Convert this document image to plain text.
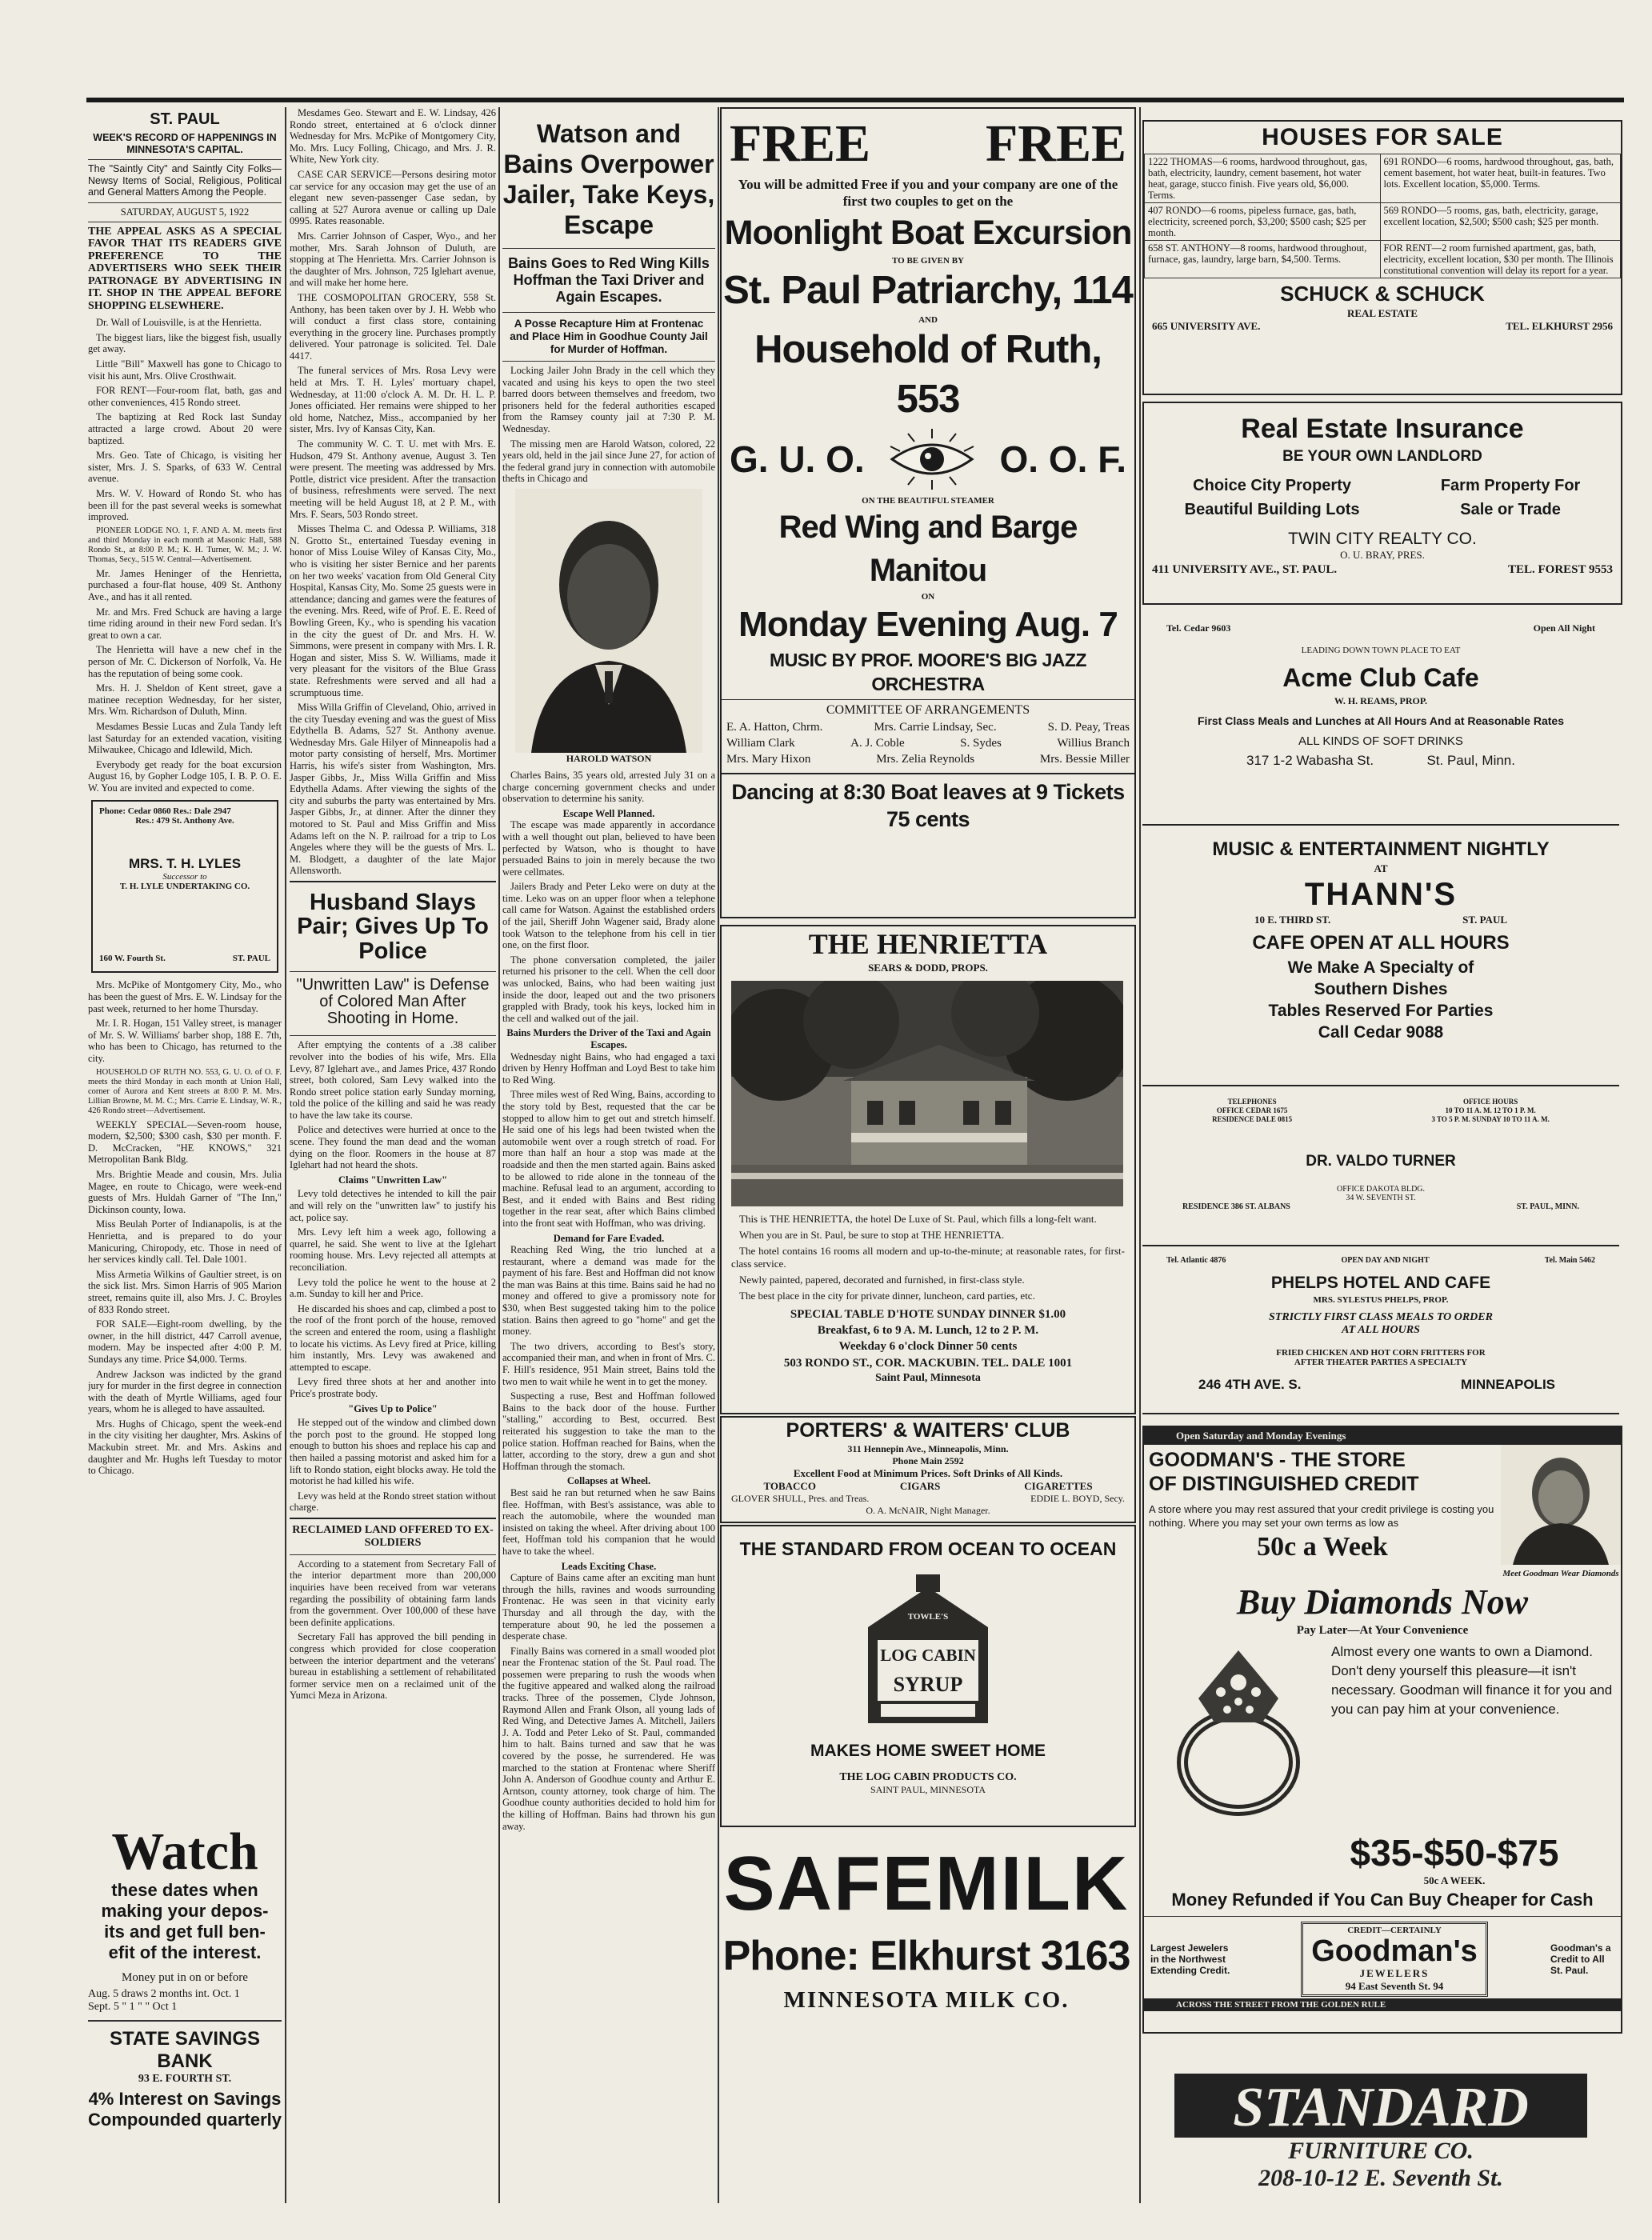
ST. PAUL
WEEK'S RECORD OF HAPPENINGS IN MINNESOTA'S CAPITAL.
The "Saintly City" and Saintly City Folks—Newsy Items of Social, Religious, Political and General Matters Among the People.
SATURDAY, AUGUST 5, 1922
THE APPEAL ASKS AS A SPECIAL FAVOR THAT ITS READERS GIVE PREFERENCE TO THE ADVERTISERS WHO SEEK THEIR PATRONAGE BY ADVERTISING IN IT. SHOP IN THE APPEAL BEFORE SHOPPING ELSEWHERE.

Dr. Wall of Louisville, is at the Henrietta.

The biggest liars, like the biggest fish, usually get away.

Little "Bill" Maxwell has gone to Chicago to visit his aunt, Mrs. Olive Crosthwait.

FOR RENT—Four-room flat, bath, gas and other conveniences, 415 Rondo street.

The baptizing at Red Rock last Sunday attracted a large crowd. About 20 were baptized.

Mrs. Geo. Tate of Chicago, is visiting her sister, Mrs. J. S. Sparks, of 633 W. Central avenue.

Mrs. W. V. Howard of Rondo St. who has been ill for the past several weeks is somewhat improved.

PIONEER LODGE NO. 1, F. AND A. M. meets first and third Monday in each month at Masonic Hall, 588 Rondo St., at 8:00 P. M.; K. H. Turner, W. M.; J. W. Thomas, Secy., 515 W. Central—Advertisement.

Mr. James Heninger of the Henrietta, purchased a four-flat house, 409 St. Anthony Ave., and has it all rented.

Mr. and Mrs. Fred Schuck are having a large time riding around in their new Ford sedan. It's great to own a car.

The Henrietta will have a new chef in the person of Mr. C. Dickerson of Norfolk, Va. He has the reputation of being some cook.

Mrs. H. J. Sheldon of Kent street, gave a matinee reception Wednesday, for her sister, Mrs. Wm. Richardson of Duluth, Minn.

Mesdames Bessie Lucas and Zula Tandy left last Saturday for an extended vacation, visiting Milwaukee, Chicago and Idlewild, Mich.

Everybody get ready for the boat excursion August 16, by Gopher Lodge 105, I. B. P. O. E. W. You are invited and expected to come.

Phone: Cedar 0860 Res.: Dale 2947
Res.: 479 St. Anthony Ave.
MRS. T. H. LYLES
Successor to
T. H. LYLE UNDERTAKING CO.
160 W. Fourth St.	ST. PAUL

Mrs. McPike of Montgomery City, Mo., who has been the guest of Mrs. E. W. Lindsay for the past week, returned to her home Thursday.

Mr. I. R. Hogan, 151 Valley street, is manager of Mr. S. W. Williams' barber shop, 188 E. 7th, who has been to Chicago, has returned to the city.

HOUSEHOLD OF RUTH NO. 553, G. U. O. of O. F. meets the third Monday in each month at Union Hall, corner of Aurora and Kent streets at 8:00 P. M. Mrs. Lillian Browne, M. M. C.; Mrs. Carrie E. Lindsay, W. R., 426 Rondo street—Advertisement.

WEEKLY SPECIAL—Seven-room house, modern, $2,500; $300 cash, $30 per month. F. D. McCracken, "HE KNOWS," 321 Metropolitan Bank Bldg.

Mrs. Brightie Meade and cousin, Mrs. Julia Magee, en route to Chicago, were week-end guests of Mrs. Huldah Garner of "The Inn," Dickinson county, Iowa.

Miss Beulah Porter of Indianapolis, is at the Henrietta, and is prepared to do your Manicuring, Chiropody, etc. Those in need of her services kindly call. Tel. Dale 1001.

Miss Armetia Wilkins of Gaultier street, is on the sick list. Mrs. Simon Harris of 905 Marion street, remains quite ill, also Mrs. J. C. Broyles of 833 Rondo street.

FOR SALE—Eight-room dwelling, by the owner, in the hill district, 447 Carroll avenue, modern. May be inspected after 4:00 P. M. Sundays any time. Price $4,000. Terms.

Andrew Jackson was indicted by the grand jury for murder in the first degree in connection with the death of Myrtle Williams, aged four years, whom he is alleged to have assaulted.

Mrs. Hughs of Chicago, spent the week-end in the city visiting her daughter, Mrs. Askins of Mackubin street. Mr. and Mrs. Askins and daughter and Mr. Hughs left Tuesday to motor to Chicago.

Watch
these dates when
making your depos-
its and get full ben-
efit of the interest.
Money put in on or before
Aug. 5 draws 2 months int. Oct. 1
Sept. 5 " 1 " " Oct 1
STATE SAVINGS BANK
93 E. FOURTH ST.
4% Interest on Savings
Compounded quarterly

Mesdames Geo. Stewart and E. W. Lindsay, 426 Rondo street, entertained at 6 o'clock dinner Wednesday for Mrs. McPike of Montgomery City, Mo. Mrs. Lucy Folling, Chicago, and Mrs. J. R. White, New York city.

CASE CAR SERVICE—Persons desiring motor car service for any occasion may get the use of an elegant new seven-passenger Case sedan, by calling at 527 Aurora avenue or calling up Dale 0995. Rates reasonable.

Mrs. Carrier Johnson of Casper, Wyo., and her mother, Mrs. Sarah Johnson of Duluth, are stopping at The Henrietta. Mrs. Carrier Johnson is the daughter of Mrs. Johnson, 725 Iglehart avenue, and will make her home here.

THE COSMOPOLITAN GROCERY, 558 St. Anthony, has been taken over by J. H. Webb who will conduct a first class store, containing everything in the grocery line. Purchases promptly delivered. Your patronage is solicited. Tel. Dale 4417.

The funeral services of Mrs. Rosa Levy were held at Mrs. T. H. Lyles' mortuary chapel, Wednesday, at 11:00 o'clock A. M. Dr. H. L. P. Jones officiated. Her remains were shipped to her old home, Natchez, Miss., accompanied by her sister, Mrs. Ivy of Kansas City, Kan.

The community W. C. T. U. met with Mrs. E. Hudson, 479 St. Anthony avenue, August 3. Ten were present. The meeting was addressed by Mrs. Pottle, district vice president. After the transaction of business, refreshments were served. The next meeting will be held August 18, at 2 P. M., with Mrs. F. Sears, 503 Rondo street.

Misses Thelma C. and Odessa P. Williams, 318 N. Grotto St., entertained Tuesday evening in honor of Miss Louise Wiley of Kansas City, Mo., who is visiting her sister Bernice and her parents on her two weeks' vacation from Old General City Hospital, Kansas City, Mo. Some 25 guests were in attendance; dancing and games were the features of the evening. Mrs. Reed, wife of Prof. E. E. Reed of Bowling Green, Ky., who is spending his vacation in the city the guest of Dr. and Mrs. H. W. Simmons, were present in company with Mrs. I. R. Hogan and sister, Miss S. W. Williams, made it very pleasant for the visitors of the Blue Grass state. Refreshments were served and all had a scrumptuous time.

Miss Willa Griffin of Cleveland, Ohio, arrived in the city Tuesday evening and was the guest of Miss Edythella B. Adams, 527 St. Anthony avenue. Wednesday Mrs. Gale Hilyer of Minneapolis had a motor party consisting of herself, Mrs. Mortimer Harris, his wife's sister from Washington, Mrs. Jasper Gibbs, Jr., Miss Willa Griffin and Miss Edythella Adams. After viewing the sights of the city and suburbs the party was entertained by Mrs. Jasper Gibbs, Jr., at dinner. After the dinner they motored to St. Paul and Miss Griffin and Miss Adams left on the N. P. railroad for a trip to Los Angeles where they will be the guests of Mrs. L. M. Blodgett, a daughter of the late Major Allensworth.

Husband Slays Pair; Gives Up To Police
"Unwritten Law" is Defense of Colored Man After Shooting in Home.

After emptying the contents of a .38 caliber revolver into the bodies of his wife, Mrs. Ella Levy, 87 Iglehart ave., and James Price, 437 Rondo street, both colored, Sam Levy walked into the Rondo street police station early Sunday morning, told the police of the killing and said he was ready to have the law take its course.

Police and detectives were hurried at once to the scene. They found the man dead and the woman dying on the floor. Roomers in the house at 87 Iglehart had not heard the shots.

Claims "Unwritten Law"

Levy told detectives he intended to kill the pair and will rely on the "unwritten law" to justify his act, police say.

Mrs. Levy left him a week ago, following a quarrel, he said. She went to live at the Iglehart rooming house. Mrs. Levy rejected all attempts at reconciliation.

Levy told the police he went to the house at 2 a.m. Sunday to kill her and Price.

He discarded his shoes and cap, climbed a post to the roof of the front porch of the house, removed the screen and entered the room, using a flashlight to locate his victims. As Levy fired at Price, killing him instantly, Mrs. Levy was awakened and attempted to escape.

Levy fired three shots at her and another into Price's prostrate body.

"Gives Up to Police"

He stepped out of the window and climbed down the porch post to the ground. He stopped long enough to button his shoes and replace his cap and then hailed a passing motorist and asked him for a lift to Rondo station, eight blocks away. He told the motorist he had killed his wife.

Levy was held at the Rondo street station without charge.

RECLAIMED LAND OFFERED TO EX-SOLDIERS

According to a statement from Secretary Fall of the interior department more than 200,000 inquiries have been received from war veterans regarding the possibility of obtaining farm lands from the government. Over 100,000 of these have been definite applications.

Secretary Fall has approved the bill pending in congress which provided for close cooperation between the interior department and the veterans' bureau in establishing a settlement of rehabilitated former service men on a reclaimed unit of the Yumci Meza in Arizona.

Watson and Bains Overpower Jailer, Take Keys, Escape
Bains Goes to Red Wing Kills Hoffman the Taxi Driver and Again Escapes.
A Posse Recapture Him at Frontenac and Place Him in Goodhue County Jail for Murder of Hoffman.

Locking Jailer John Brady in the cell which they vacated and using his keys to open the two steel barred doors between themselves and freedom, two prisoners held for the federal authorities escaped from the Ramsey county jail at 7:30 P. M. Wednesday.

The missing men are Harold Watson, colored, 22 years old, held in the jail since June 27, for action of the federal grand jury in connection with automobile thefts in Chicago and

HAROLD WATSON

Charles Bains, 35 years old, arrested July 31 on a charge concerning government checks and under observation to determine his sanity.

Escape Well Planned.

The escape was made apparently in accordance with a well thought out plan, believed to have been perfected by Watson, who is thought to have persuaded Bains to join in merely because the two were cellmates.

Jailers Brady and Peter Leko were on duty at the time. Leko was on an upper floor when a telephone call came for Watson. Against the established orders of the jail, Sheriff John Wagener said, Brady alone took Watson to the telephone from his cell in tier one, on the first floor.

The phone conversation completed, the jailer returned his prisoner to the cell. When the cell door was unlocked, Bains, who had been waiting just inside the door, leaped out and the two prisoners grappled with Brady, took his keys, locked him in the cell and walked out of the jail.

Bains Murders the Driver of the Taxi and Again Escapes.

Wednesday night Bains, who had engaged a taxi driven by Henry Hoffman and Loyd Best to take him to Red Wing.

Three miles west of Red Wing, Bains, according to the story told by Best, requested that the car be stopped to allow him to get out and stretch himself. He said one of his legs had been twisted when the automobile went over a rough stretch of road. For more than half an hour a stop was made at the roadside and then the men started again. Bains asked to be allowed to ride alone in the tonneau of the machine. Refusal lead to an argument, according to Best, and it ended with Bains and Best riding together in the rear seat, after which Bains climbed into the front seat with Hoffman, who was driving.

Demand for Fare Evaded.

Reaching Red Wing, the trio lunched at a restaurant, where a demand was made for the payment of his fare. Best and Hoffman did not know the man was Bains at this time. Bains said he had no money and offered to give a promissory note for $30, when Best suggested taking him to the police station. Bains then agreed to go "home" and get the money.

The two drivers, according to Best's story, accompanied their man, and when in front of Mrs. C. F. Hill's residence, 951 Main street, Bains told the two men to wait while he went in to get the money.

Suspecting a ruse, Best and Hoffman followed Bains to the back door of the house. Further "stalling," according to Best, occurred. Best reiterated his suggestion to take the man to the police station. Hoffman reached for Bains, when the latter, according to the story, drew a gun and shot Hoffman through the stomach.

Collapses at Wheel.

Best said he ran but returned when he saw Bains flee. Hoffman, with Best's assistance, was able to reach the automobile, where the wounded man insisted on taking the wheel. After driving about 100 feet, Hoffman told his companion that he would have to take the wheel.

Leads Exciting Chase.

Capture of Bains came after an exciting man hunt through the hills, ravines and woods surrounding Frontenac. He was seen in that vicinity early Thursday and all through the day, with the temperature about 90, he led the possemen a desperate chase.

Finally Bains was cornered in a small wooded plot near the Frontenac station of the St. Paul road. The possemen were preparing to rush the woods when the fugitive appeared and walked along the railroad tracks. Three of the possemen, Clyde Johnson, Raymond Allen and Frank Olson, all young lads of Red Wing, and Detective James A. Mitchell, Jailers J. A. Todd and Peter Leko of St. Paul, commanded him to halt. Bains turned and saw that he was covered by the posse, he surrendered. He was marched to the station at Frontenac where Sheriff John A. Anderson of Goodhue county and Arthur E. Arntson, county attorney, took charge of him. The Goodhue county authorities decided to hold him for the killing of Hoffman. Bains had thrown his gun away.

FREE FREE
You will be admitted Free if you and your company are one of the first two couples to get on the
Moonlight Boat Excursion
TO BE GIVEN BY
St. Paul Patriarchy, 114
AND
Household of Ruth, 553
G. U. O.	O. O. F.
ON THE BEAUTIFUL STEAMER
Red Wing and Barge Manitou
ON
Monday Evening Aug. 7
MUSIC BY PROF. MOORE'S BIG JAZZ ORCHESTRA
COMMITTEE OF ARRANGEMENTS
E. A. Hatton, Chrm.	Mrs. Carrie Lindsay, Sec.	S. D. Peay, Treas
William Clark	A. J. Coble	S. Sydes	Willius Branch
Mrs. Mary Hixon	Mrs. Zelia Reynolds	Mrs. Bessie Miller
Dancing at 8:30 Boat leaves at 9 Tickets 75 cents
THE HENRIETTA
SEARS & DODD, PROPS.

This is THE HENRIETTA, the hotel De Luxe of St. Paul, which fills a long-felt want.

When you are in St. Paul, be sure to stop at THE HENRIETTA.

The hotel contains 16 rooms all modern and up-to-the-minute; at reasonable rates, for first-class service.

Newly painted, papered, decorated and furnished, in first-class style.

The best place in the city for private dinner, luncheon, card parties, etc.

SPECIAL TABLE D'HOTE SUNDAY DINNER $1.00
Breakfast, 6 to 9 A. M. Lunch, 12 to 2 P. M.
Weekday 6 o'clock Dinner 50 cents
503 RONDO ST., COR. MACKUBIN. TEL. DALE 1001
Saint Paul, Minnesota
PORTERS' & WAITERS' CLUB
311 Hennepin Ave., Minneapolis, Minn.
Phone Main 2592
Excellent Food at Minimum Prices. Soft Drinks of All Kinds.
TOBACCO	CIGARS	CIGARETTES
GLOVER SHULL, Pres. and Treas.	EDDIE L. BOYD, Secy.
O. A. McNAIR, Night Manager.
THE STANDARD FROM OCEAN TO OCEAN
TOWLE'S
LOG CABIN
SYRUP
MAKES HOME SWEET HOME
THE LOG CABIN PRODUCTS CO.
SAINT PAUL, MINNESOTA
SAFEMILK
Phone: Elkhurst 3163
MINNESOTA MILK CO.
HOUSES FOR SALE
1222 THOMAS—6 rooms, hardwood throughout, gas, bath, electricity, laundry, cement basement, hot water heat, garage, stucco finish. Five years old, $6,000. Terms.	691 RONDO—6 rooms, hardwood throughout, gas, bath, cement basement, hot water heat, built-in features. Two lots. Excellent location, $5,000. Terms.
407 RONDO—6 rooms, pipeless furnace, gas, bath, electricity, screened porch, $3,200; $500 cash; $25 per month.	569 RONDO—5 rooms, gas, bath, electricity, garage, excellent location, $2,500; $500 cash; $25 per month.
658 ST. ANTHONY—8 rooms, hardwood throughout, furnace, gas, laundry, large barn, $4,500. Terms.	FOR RENT—2 room furnished apartment, gas, bath, electricity, excellent location, $30 per month. The Illinois constitutional convention will delay its report for a year.
SCHUCK & SCHUCK
REAL ESTATE
665 UNIVERSITY AVE.	TEL. ELKHURST 2956
Real Estate Insurance
BE YOUR OWN LANDLORD
Choice City Property
Beautiful Building Lots
Farm Property For
Sale or Trade
TWIN CITY REALTY CO.
O. U. BRAY, PRES.
411 UNIVERSITY AVE., ST. PAUL.	TEL. FOREST 9553
Tel. Cedar 9603	Open All Night
LEADING DOWN TOWN PLACE TO EAT
Acme Club Cafe
W. H. REAMS, PROP.
First Class Meals and Lunches at All Hours And at Reasonable Rates
ALL KINDS OF SOFT DRINKS
317 1-2 Wabasha St.	St. Paul, Minn.
MUSIC & ENTERTAINMENT NIGHTLY
AT
THANN'S
10 E. THIRD ST.	ST. PAUL
CAFE OPEN AT ALL HOURS
We Make A Specialty of
Southern Dishes
Tables Reserved For Parties
Call Cedar 9088
TELEPHONES
OFFICE CEDAR 1675
RESIDENCE DALE 0815
OFFICE HOURS
10 TO 11 A. M. 12 TO 1 P. M.
3 TO 5 P. M. SUNDAY 10 TO 11 A. M.
DR. VALDO TURNER
OFFICE DAKOTA BLDG.
34 W. SEVENTH ST.
RESIDENCE 386 ST. ALBANS	ST. PAUL, MINN.
Tel. Atlantic 4876	OPEN DAY AND NIGHT	Tel. Main 5462
PHELPS HOTEL AND CAFE
MRS. SYLESTUS PHELPS, PROP.
STRICTLY FIRST CLASS MEALS TO ORDER
AT ALL HOURS
FRIED CHICKEN AND HOT CORN FRITTERS FOR
AFTER THEATER PARTIES A SPECIALTY
246 4TH AVE. S.	MINNEAPOLIS
Open Saturday and Monday Evenings
GOODMAN'S - THE STORE
OF DISTINGUISHED CREDIT
A store where you may rest assured that your credit privilege is costing you nothing. Where you may set your own terms as low as
50c a Week
Meet Goodman Wear Diamonds
Buy Diamonds Now
Pay Later—At Your Convenience
Almost every one wants to own a Diamond. Don't deny yourself this pleasure—it isn't necessary. Goodman will finance it for you and you can pay him at your convenience.
$35-$50-$75
50c A WEEK.
Money Refunded if You Can Buy Cheaper for Cash
Largest Jewelers in the Northwest Extending Credit.
CREDIT—CERTAINLY
Goodman's
JEWELERS
94 East Seventh St. 94
Goodman's a Credit to All St. Paul.
ACROSS THE STREET FROM THE GOLDEN RULE
STANDARD
FURNITURE CO.
208-10-12 E. Seventh St.
